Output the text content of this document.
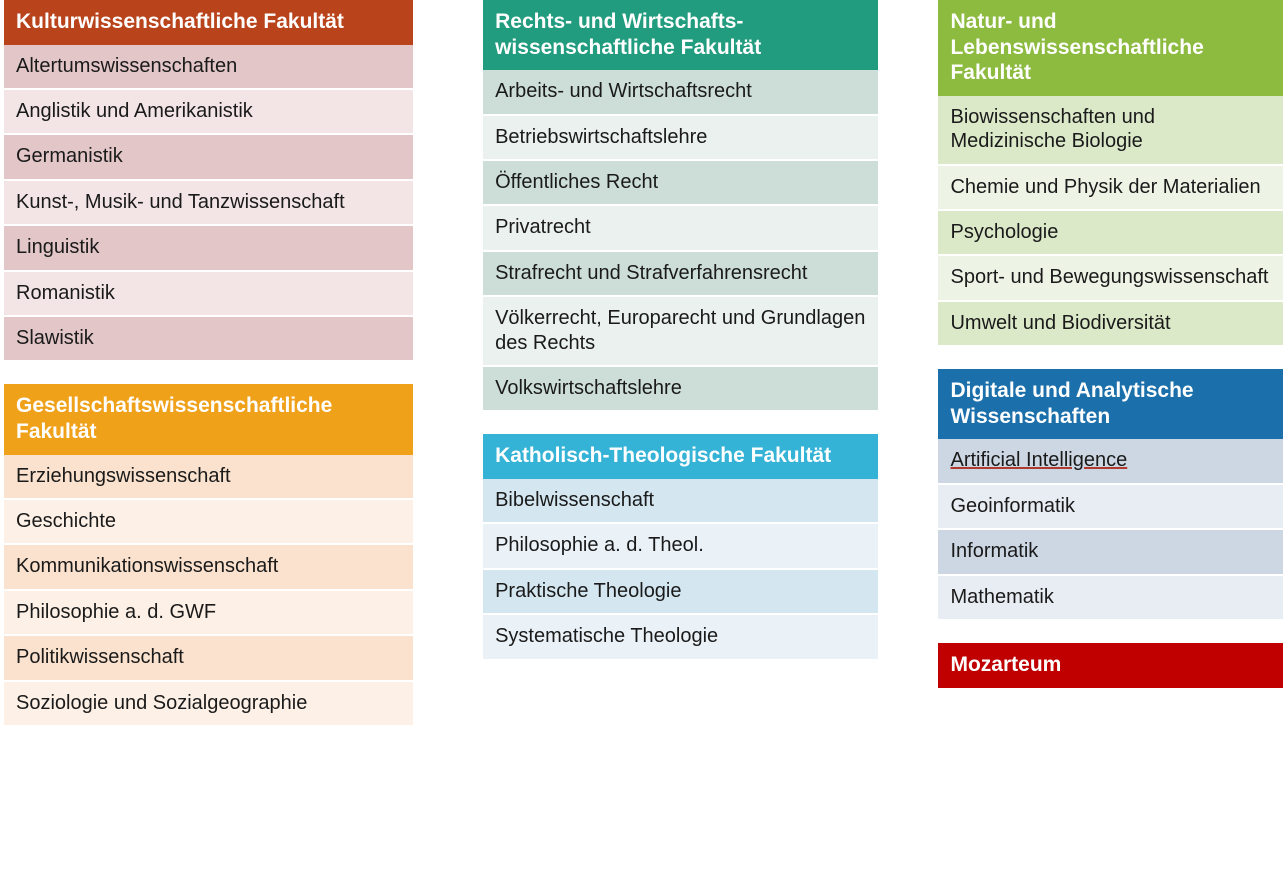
Kulturwissenschaftliche Fakultät
Altertumswissenschaften
Anglistik und Amerikanistik
Germanistik
Kunst-, Musik- und Tanzwissenschaft
Linguistik
Romanistik
Slawistik
Gesellschaftswissenschaftliche Fakultät
Erziehungswissenschaft
Geschichte
Kommunikationswissenschaft
Philosophie a. d. GWF
Politikwissenschaft
Soziologie und Sozialgeographie
Rechts- und Wirtschafts- wissenschaftliche Fakultät
Arbeits- und Wirtschaftsrecht
Betriebswirtschaftslehre
Öffentliches Recht
Privatrecht
Strafrecht und Strafverfahrensrecht
Völkerrecht, Europarecht und Grundlagen des Rechts
Volkswirtschaftslehre
Katholisch-Theologische Fakultät
Bibelwissenschaft
Philosophie a. d. Theol.
Praktische Theologie
Systematische Theologie
Natur- und Lebenswissenschaftliche Fakultät
Biowissenschaften und Medizinische Biologie
Chemie und Physik der Materialien
Psychologie
Sport- und Bewegungswissenschaft
Umwelt und Biodiversität
Digitale und Analytische Wissenschaften
Artificial Intelligence
Geoinformatik
Informatik
Mathematik
Mozarteum
